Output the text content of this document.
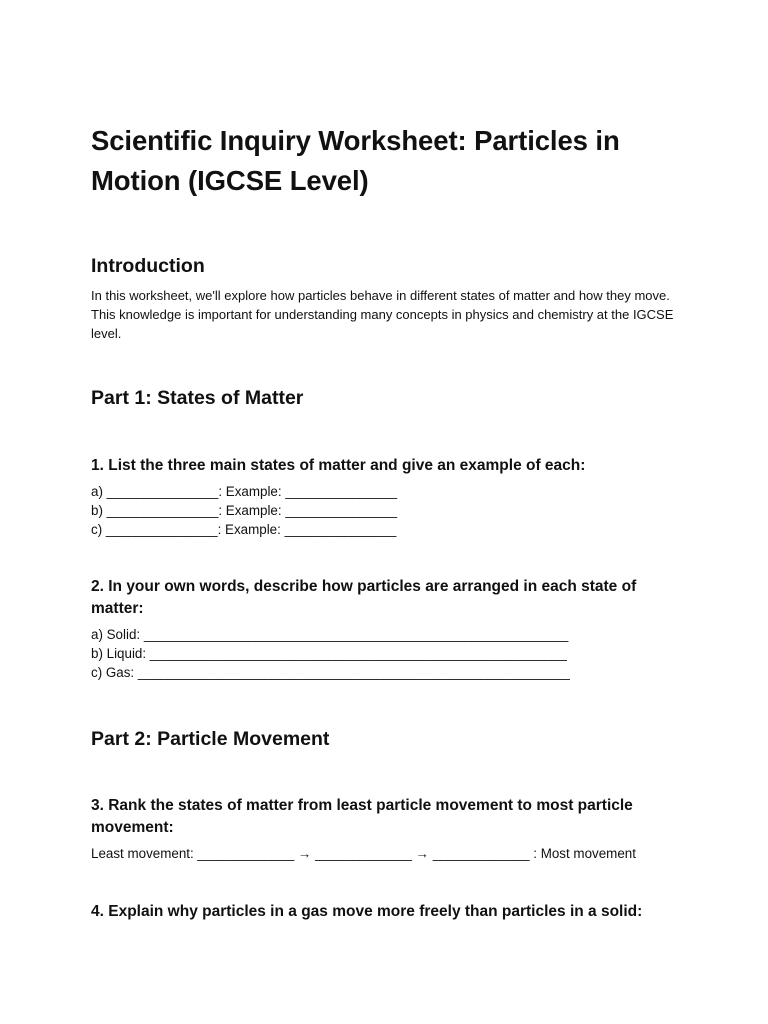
Scientific Inquiry Worksheet: Particles in Motion (IGCSE Level)
Introduction

In this worksheet, we'll explore how particles behave in different states of matter and how they move. This knowledge is important for understanding many concepts in physics and chemistry at the IGCSE level.

Part 1: States of Matter
1. List the three main states of matter and give an example of each:
a) _______________: Example: _______________
b) _______________: Example: _______________
c) _______________: Example: _______________
2. In your own words, describe how particles are arranged in each state of matter:
a) Solid: _________________________________________________________
b) Liquid: ________________________________________________________
c) Gas: __________________________________________________________
Part 2: Particle Movement
3. Rank the states of matter from least particle movement to most particle movement:
Least movement: _____________ → _____________ → _____________ : Most movement
4. Explain why particles in a gas move more freely than particles in a solid:
